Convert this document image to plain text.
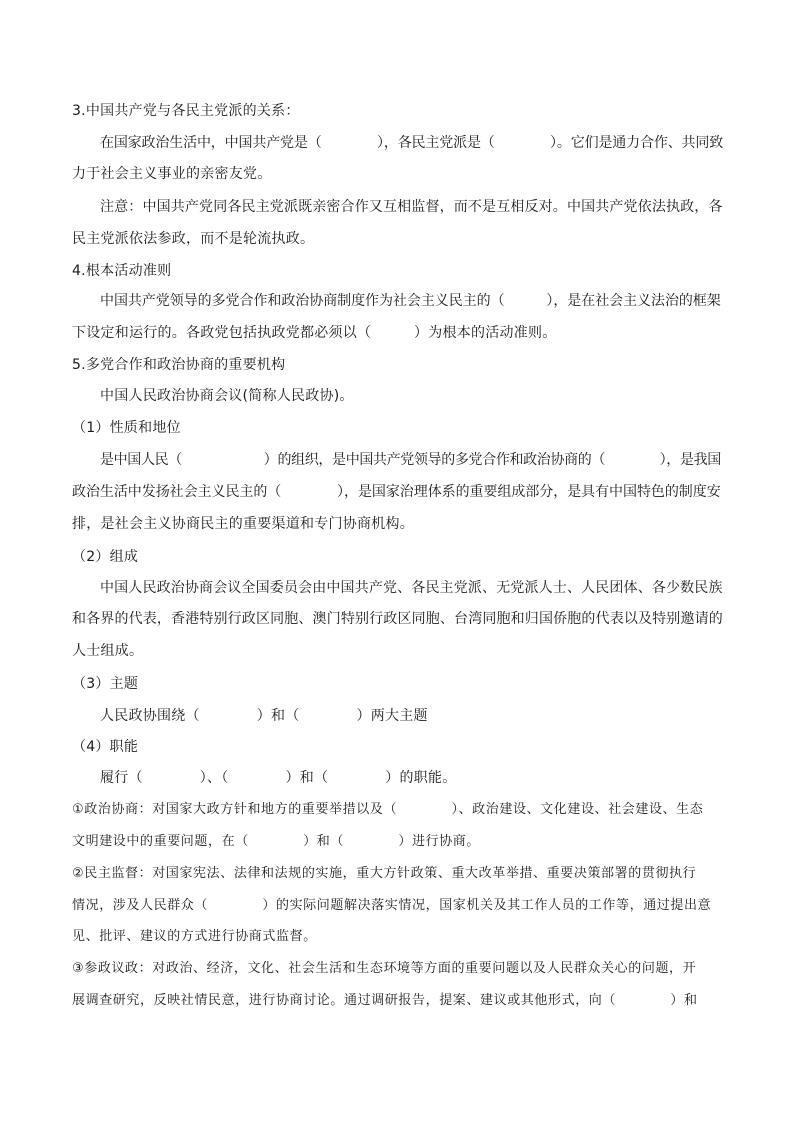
3.中国共产党与各民主党派的关系：

在国家政治生活中，中国共产党是（　　　　），各民主党派是（　　　　）。它们是通力合作、共同致

力于社会主义事业的亲密友党。

注意：中国共产党同各民主党派既亲密合作又互相监督，而不是互相反对。中国共产党依法执政，各

民主党派依法参政，而不是轮流执政。

4.根本活动准则

中国共产党领导的多党合作和政治协商制度作为社会主义民主的（　　　），是在社会主义法治的框架

下设定和运行的。各政党包括执政党都必须以（　　　）为根本的活动准则。

5.多党合作和政治协商的重要机构

中国人民政治协商会议(简称人民政协)。

（1）性质和地位

是中国人民（　　　　　　）的组织，是中国共产党领导的多党合作和政治协商的（　　　　），是我国

政治生活中发扬社会主义民主的（　　　　），是国家治理体系的重要组成部分，是具有中国特色的制度安

排，是社会主义协商民主的重要渠道和专门协商机构。

（2）组成

中国人民政治协商会议全国委员会由中国共产党、各民主党派、无党派人士、人民团体、各少数民族

和各界的代表，香港特别行政区同胞、澳门特别行政区同胞、台湾同胞和归国侨胞的代表以及特别邀请的

人士组成。

（3）主题

人民政协围绕（　　　　）和（　　　　）两大主题

（4）职能

履行（　　　　）、（　　　　）和（　　　　）的职能。

①政治协商：对国家大政方针和地方的重要举措以及（　　　　）、政治建设、文化建设、社会建设、生态

文明建设中的重要问题，在（　　　　）和（　　　　）进行协商。

②民主监督：对国家宪法、法律和法规的实施，重大方针政策、重大改革举措、重要决策部署的贯彻执行

情况，涉及人民群众（　　　　）的实际问题解决落实情况，国家机关及其工作人员的工作等，通过提出意

见、批评、建议的方式进行协商式监督。

③参政议政：对政治、经济，文化、社会生活和生态环境等方面的重要问题以及人民群众关心的问题，开

展调查研究，反映社情民意，进行协商讨论。通过调研报告，提案、建议或其他形式，向（　　　　）和
